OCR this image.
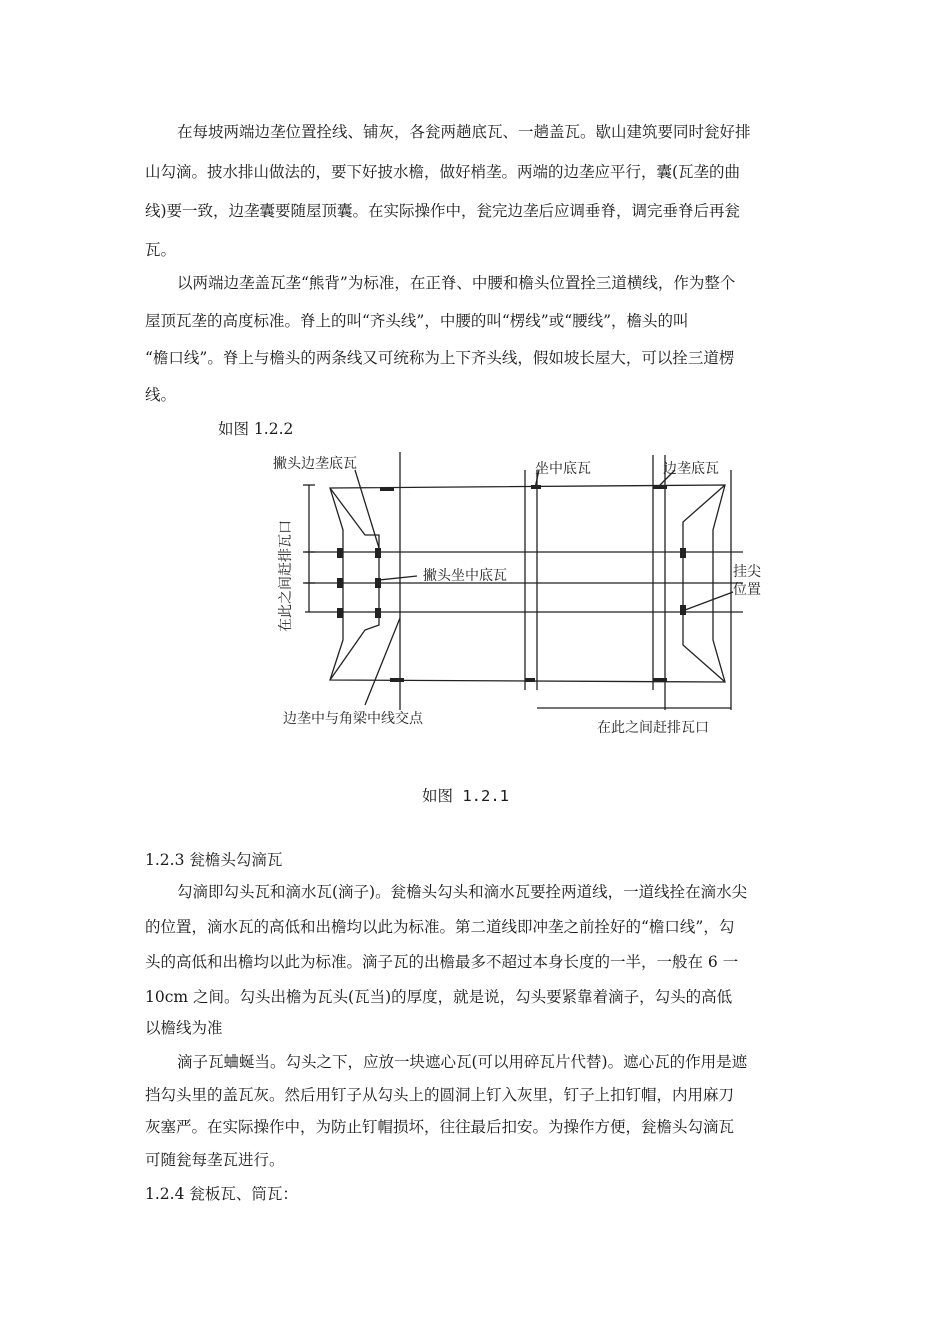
在每坡两端边垄位置拴线、铺灰，各瓮两趟底瓦、一趟盖瓦。歇山建筑要同时瓮好排
山勾滴。披水排山做法的，要下好披水檐，做好梢垄。两端的边垄应平行，囊(瓦垄的曲
线)要一致，边垄囊要随屋顶囊。在实际操作中，瓮完边垄后应调垂脊，调完垂脊后再瓮
瓦。
以两端边垄盖瓦垄“熊背”为标准，在正脊、中腰和檐头位置拴三道横线，作为整个
屋顶瓦垄的高度标准。脊上的叫“齐头线”，中腰的叫“楞线”或“腰线”，檐头的叫
“檐口线”。脊上与檐头的两条线又可统称为上下齐头线，假如坡长屋大，可以拴三道楞
线。
如图 1.2.2
撇头边垄底瓦	坐中底瓦	边垄底瓦
在此之间赶排瓦口	撇头坐中底瓦	挂尖
位置
边垄中与角梁中线交点
在此之间赶排瓦口
如图 1.2.1
1.2.3 瓮檐头勾滴瓦
勾滴即勾头瓦和滴水瓦(滴子)。瓮檐头勾头和滴水瓦要拴两道线，一道线拴在滴水尖
的位置，滴水瓦的高低和出檐均以此为标准。第二道线即冲垄之前拴好的“檐口线”，勾
头的高低和出檐均以此为标准。滴子瓦的出檐最多不超过本身长度的一半，一般在 6 一
10cm 之间。勾头出檐为瓦头(瓦当)的厚度，就是说，勾头要紧靠着滴子，勾头的高低
以檐线为准
滴子瓦蛐蜒当。勾头之下，应放一块遮心瓦(可以用碎瓦片代替)。遮心瓦的作用是遮
挡勾头里的盖瓦灰。然后用钉子从勾头上的圆洞上钉入灰里，钉子上扣钉帽，内用麻刀
灰塞严。在实际操作中，为防止钉帽损坏，往往最后扣安。为操作方便，瓮檐头勾滴瓦
可随瓮每垄瓦进行。
1.2.4 瓮板瓦、筒瓦：
